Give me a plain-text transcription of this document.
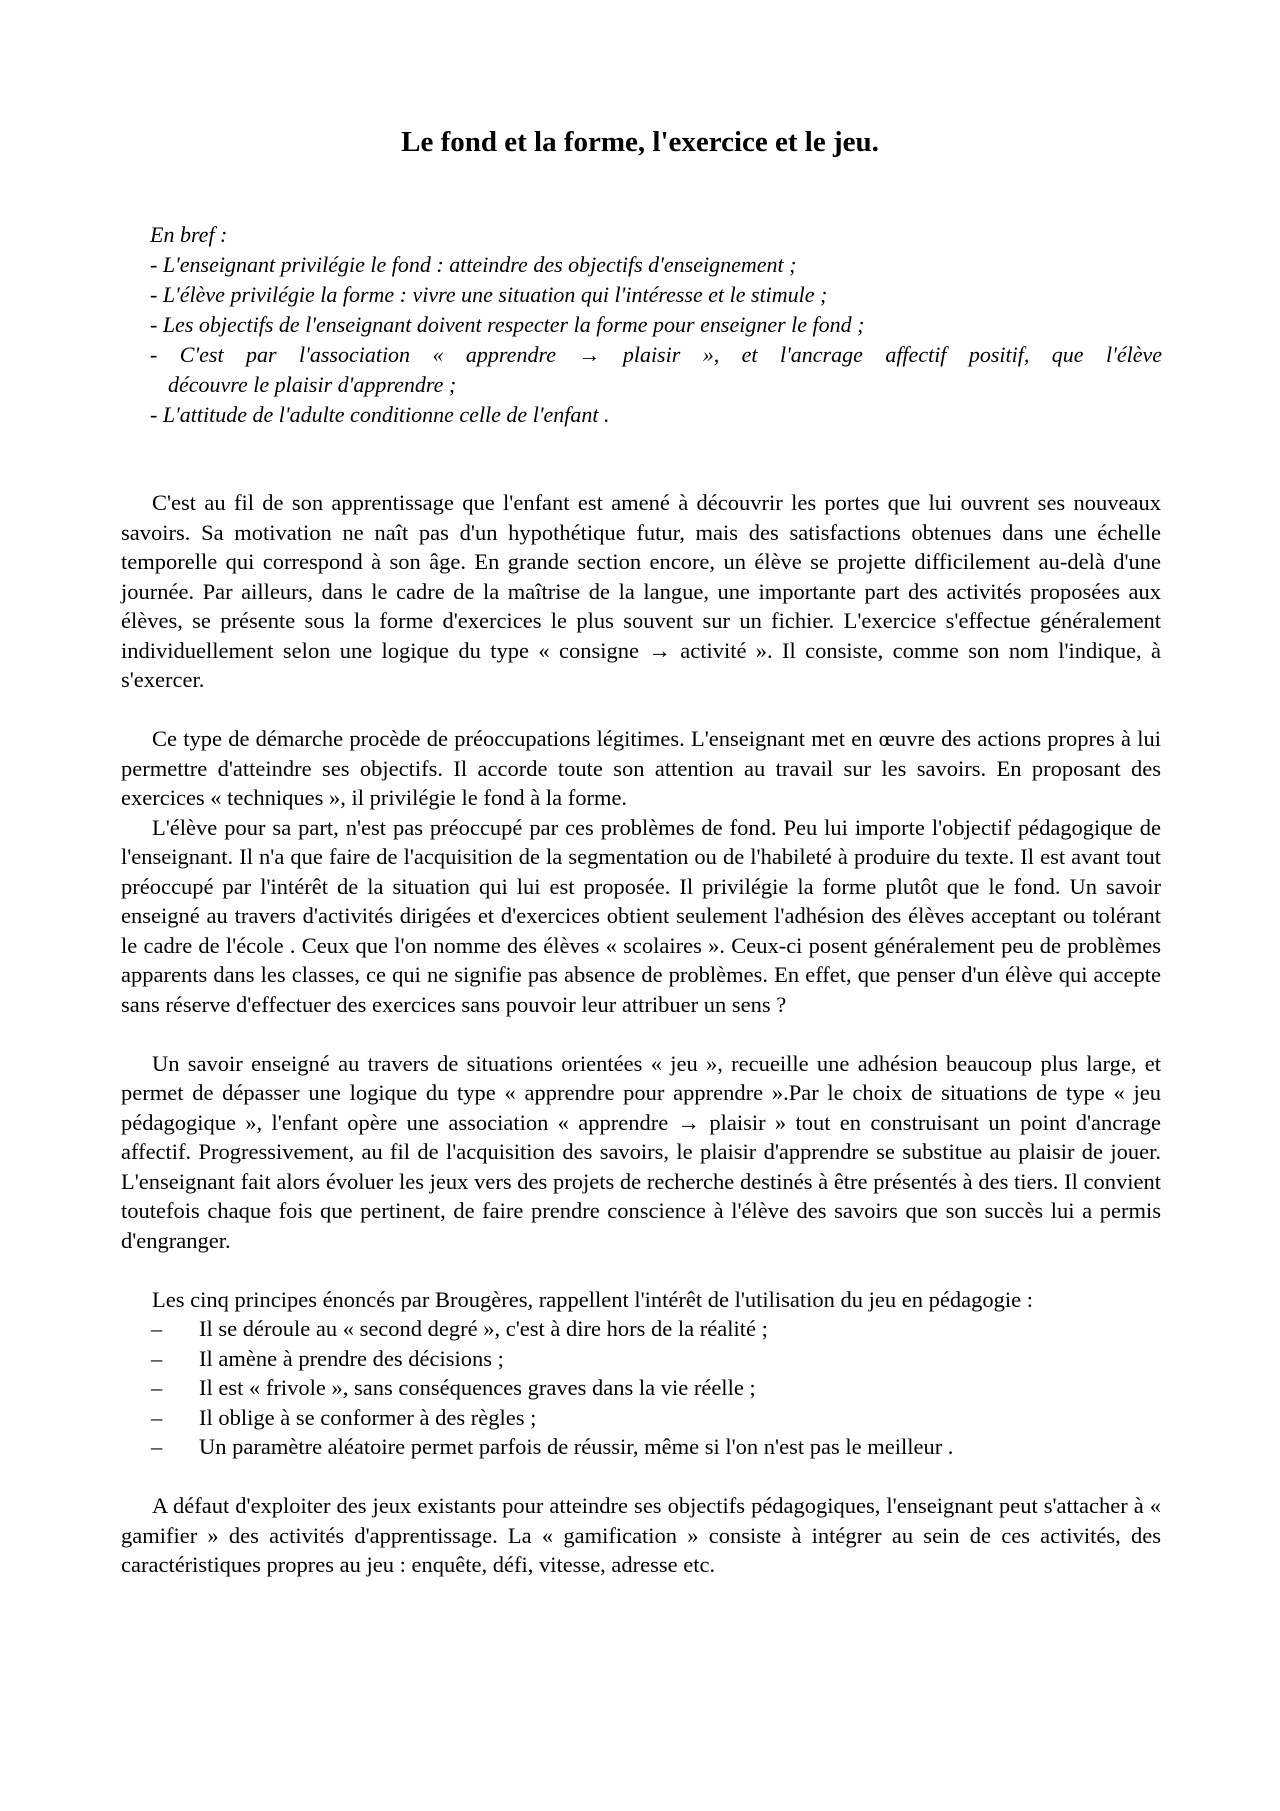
Le fond et la forme, l'exercice et le jeu.
En bref :
- L'enseignant privilégie le fond : atteindre des objectifs d'enseignement ;
- L'élève privilégie la forme : vivre une situation qui l'intéresse et le stimule ;
- Les objectifs de l'enseignant doivent respecter la forme pour enseigner le fond ;
- C'est par l'association « apprendre → plaisir », et l'ancrage affectif positif, que l'élève
découvre le plaisir d'apprendre ;
- L'attitude de l'adulte conditionne celle de l'enfant .

C'est au fil de son apprentissage que l'enfant est amené à découvrir les portes que lui ouvrent ses nouveaux savoirs. Sa motivation ne naît pas d'un hypothétique futur, mais des satisfactions obtenues dans une échelle temporelle qui correspond à son âge. En grande section encore, un élève se projette difficilement au-delà d'une journée. Par ailleurs, dans le cadre de la maîtrise de la langue, une importante part des activités proposées aux élèves, se présente sous la forme d'exercices le plus souvent sur un fichier. L'exercice s'effectue généralement individuellement selon une logique du type « consigne → activité ». Il consiste, comme son nom l'indique, à s'exercer.

Ce type de démarche procède de préoccupations légitimes. L'enseignant met en œuvre des actions propres à lui permettre d'atteindre ses objectifs. Il accorde toute son attention au travail sur les savoirs. En proposant des exercices « techniques », il privilégie le fond à la forme.

L'élève pour sa part, n'est pas préoccupé par ces problèmes de fond. Peu lui importe l'objectif pédagogique de l'enseignant. Il n'a que faire de l'acquisition de la segmentation ou de l'habileté à produire du texte. Il est avant tout préoccupé par l'intérêt de la situation qui lui est proposée. Il privilégie la forme plutôt que le fond. Un savoir enseigné au travers d'activités dirigées et d'exercices obtient seulement l'adhésion des élèves acceptant ou tolérant le cadre de l'école . Ceux que l'on nomme des élèves « scolaires ». Ceux-ci posent généralement peu de problèmes apparents dans les classes, ce qui ne signifie pas absence de problèmes. En effet, que penser d'un élève qui accepte sans réserve d'effectuer des exercices sans pouvoir leur attribuer un sens ?

Un savoir enseigné au travers de situations orientées « jeu », recueille une adhésion beaucoup plus large, et permet de dépasser une logique du type « apprendre pour apprendre ».Par le choix de situations de type « jeu pédagogique », l'enfant opère une association « apprendre → plaisir » tout en construisant un point d'ancrage affectif. Progressivement, au fil de l'acquisition des savoirs, le plaisir d'apprendre se substitue au plaisir de jouer. L'enseignant fait alors évoluer les jeux vers des projets de recherche destinés à être présentés à des tiers. Il convient toutefois chaque fois que pertinent, de faire prendre conscience à l'élève des savoirs que son succès lui a permis d'engranger.

Les cinq principes énoncés par Brougères, rappellent l'intérêt de l'utilisation du jeu en pédagogie :

– Il se déroule au « second degré », c'est à dire hors de la réalité ;
– Il amène à prendre des décisions ;
– Il est « frivole », sans conséquences graves dans la vie réelle ;
– Il oblige à se conformer à des règles ;
– Un paramètre aléatoire permet parfois de réussir, même si l'on n'est pas le meilleur .

A défaut d'exploiter des jeux existants pour atteindre ses objectifs pédagogiques, l'enseignant peut s'attacher à « gamifier » des activités d'apprentissage. La « gamification » consiste à intégrer au sein de ces activités, des caractéristiques propres au jeu : enquête, défi, vitesse, adresse etc.
